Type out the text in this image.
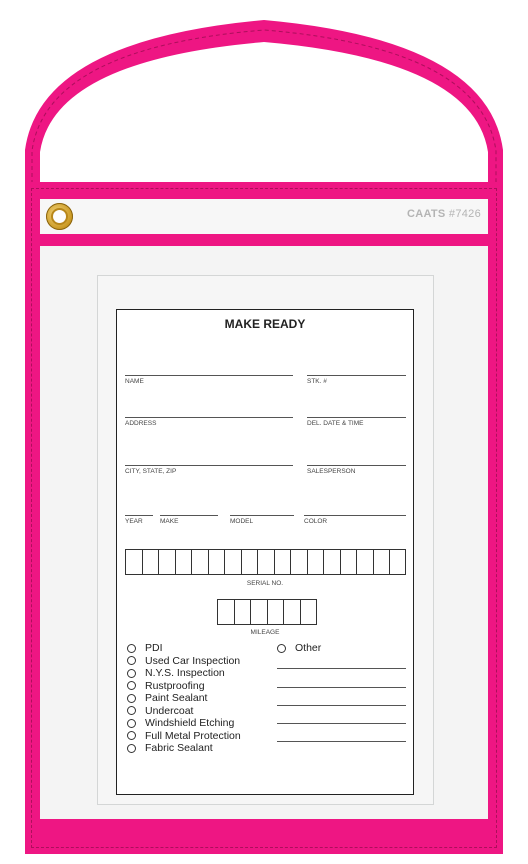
CAATS #7426
MAKE READY
NAME	STK. #
ADDRESS	DEL. DATE & TIME
CITY, STATE, ZIP	SALESPERSON
YEAR	MAKE	MODEL	COLOR
SERIAL NO.
MILEAGE
PDI
Used Car Inspection
N.Y.S. Inspection
Rustproofing
Paint Sealant
Undercoat
Windshield Etching
Full Metal Protection
Fabric Sealant
Other
